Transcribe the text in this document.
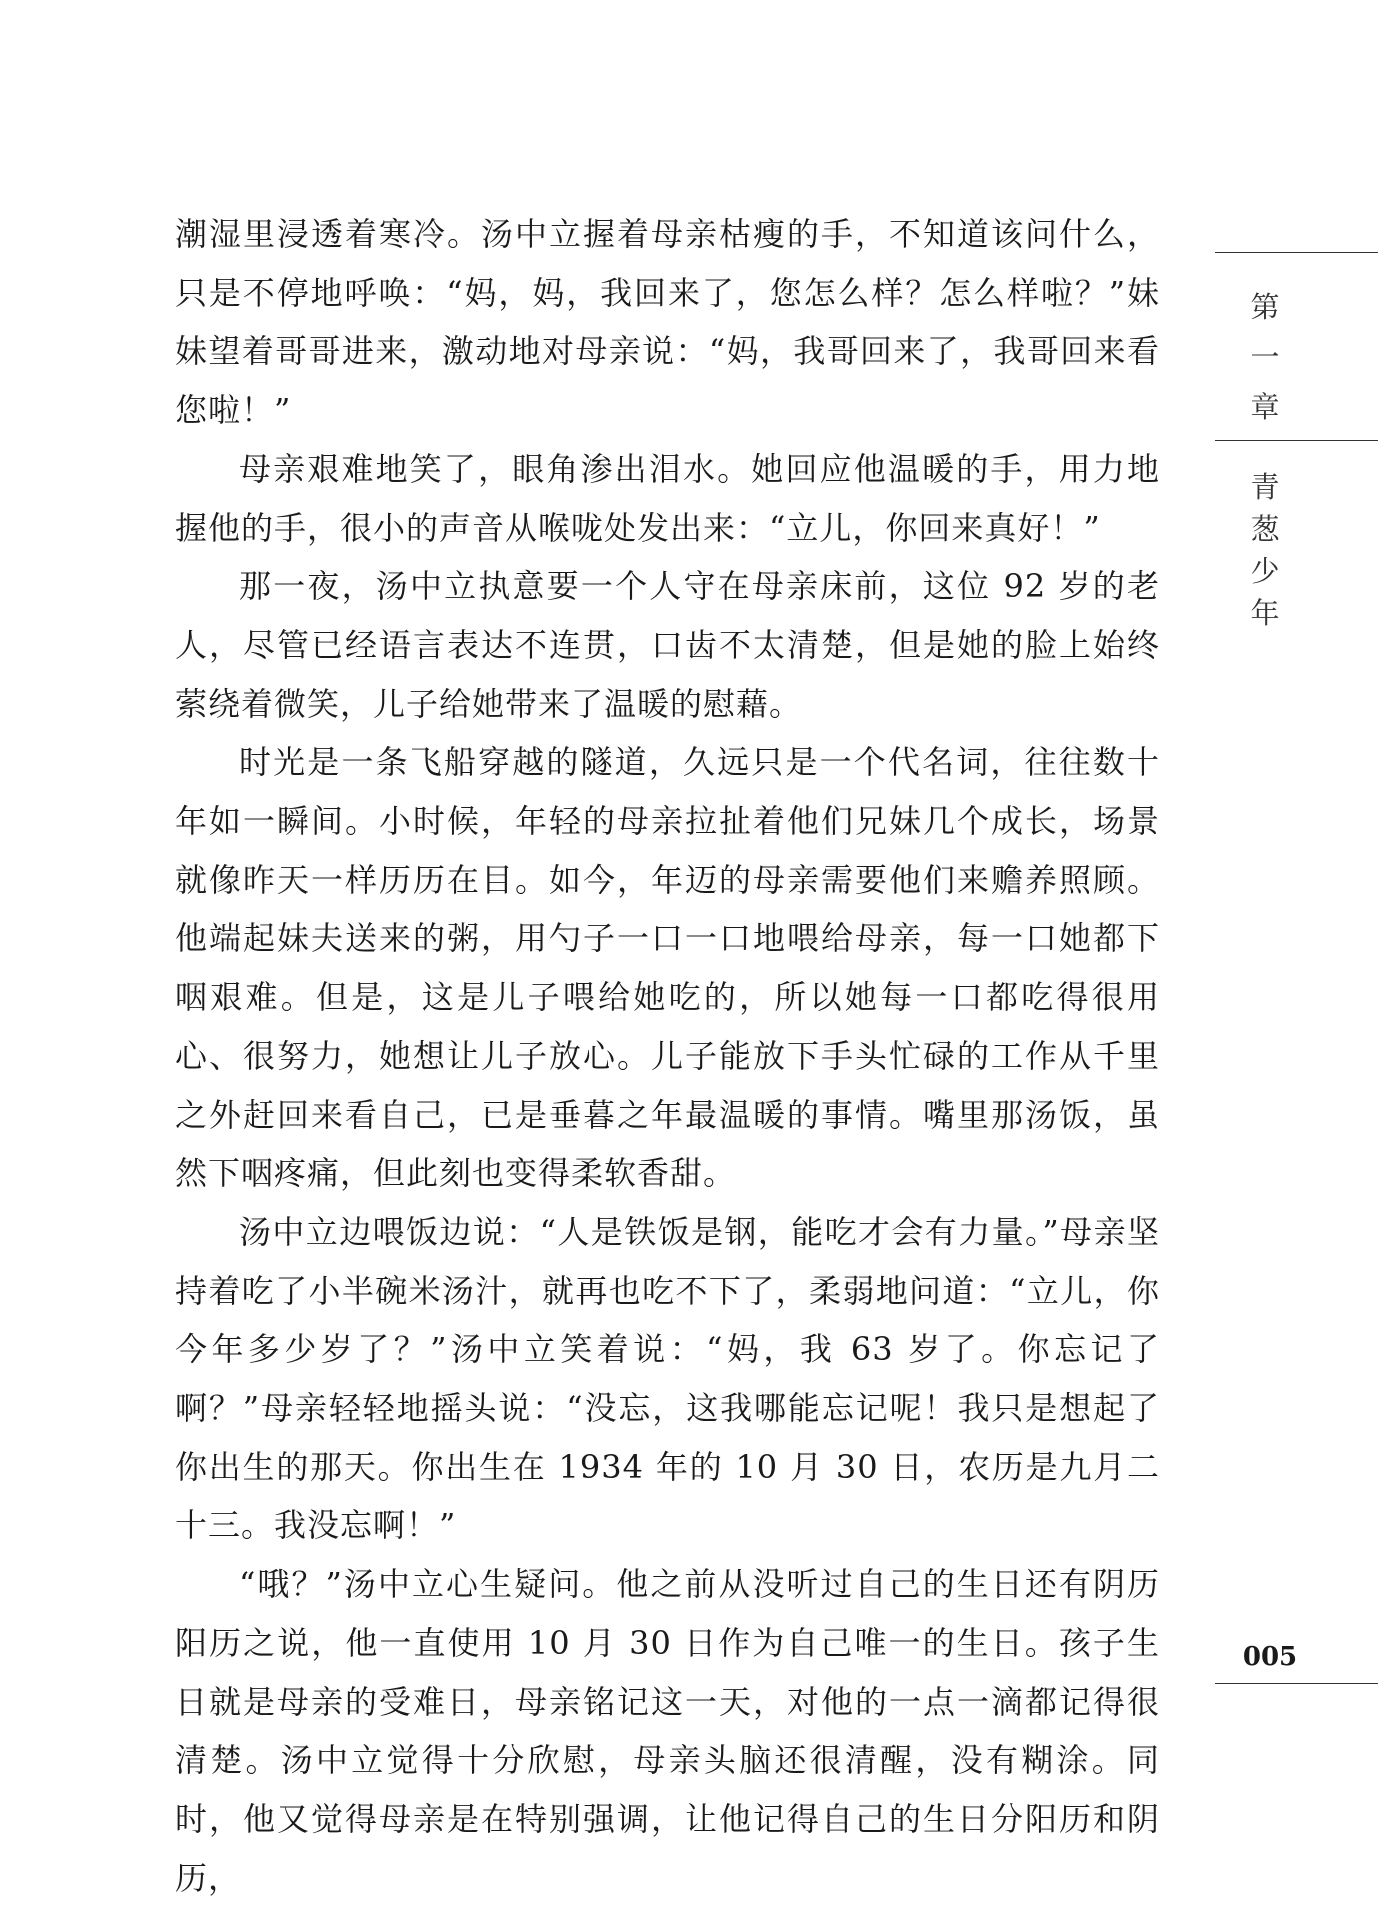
潮湿里浸透着寒冷。汤中立握着母亲枯瘦的手，不知道该问什么，只是不停地呼唤：“妈，妈，我回来了，您怎么样？怎么样啦？”妹妹望着哥哥进来，激动地对母亲说：“妈，我哥回来了，我哥回来看您啦！”

母亲艰难地笑了，眼角渗出泪水。她回应他温暖的手，用力地握他的手，很小的声音从喉咙处发出来：“立儿，你回来真好！”

那一夜，汤中立执意要一个人守在母亲床前，这位 92 岁的老人，尽管已经语言表达不连贯，口齿不太清楚，但是她的脸上始终萦绕着微笑，儿子给她带来了温暖的慰藉。

时光是一条飞船穿越的隧道，久远只是一个代名词，往往数十年如一瞬间。小时候，年轻的母亲拉扯着他们兄妹几个成长，场景就像昨天一样历历在目。如今，年迈的母亲需要他们来赡养照顾。他端起妹夫送来的粥，用勺子一口一口地喂给母亲，每一口她都下咽艰难。但是，这是儿子喂给她吃的，所以她每一口都吃得很用心、很努力，她想让儿子放心。儿子能放下手头忙碌的工作从千里之外赶回来看自己，已是垂暮之年最温暖的事情。嘴里那汤饭，虽然下咽疼痛，但此刻也变得柔软香甜。

汤中立边喂饭边说：“人是铁饭是钢，能吃才会有力量。”母亲坚持着吃了小半碗米汤汁，就再也吃不下了，柔弱地问道：“立儿，你今年多少岁了？”汤中立笑着说：“妈，我 63 岁了。你忘记了啊？”母亲轻轻地摇头说：“没忘，这我哪能忘记呢！我只是想起了你出生的那天。你出生在 1934 年的 10 月 30 日，农历是九月二十三。我没忘啊！”

“哦？”汤中立心生疑问。他之前从没听过自己的生日还有阴历阳历之说，他一直使用 10 月 30 日作为自己唯一的生日。孩子生日就是母亲的受难日，母亲铭记这一天，对他的一点一滴都记得很清楚。汤中立觉得十分欣慰，母亲头脑还很清醒，没有糊涂。同时，他又觉得母亲是在特别强调，让他记得自己的生日分阳历和阴历，

第
一
章
青
葱
少
年
005
